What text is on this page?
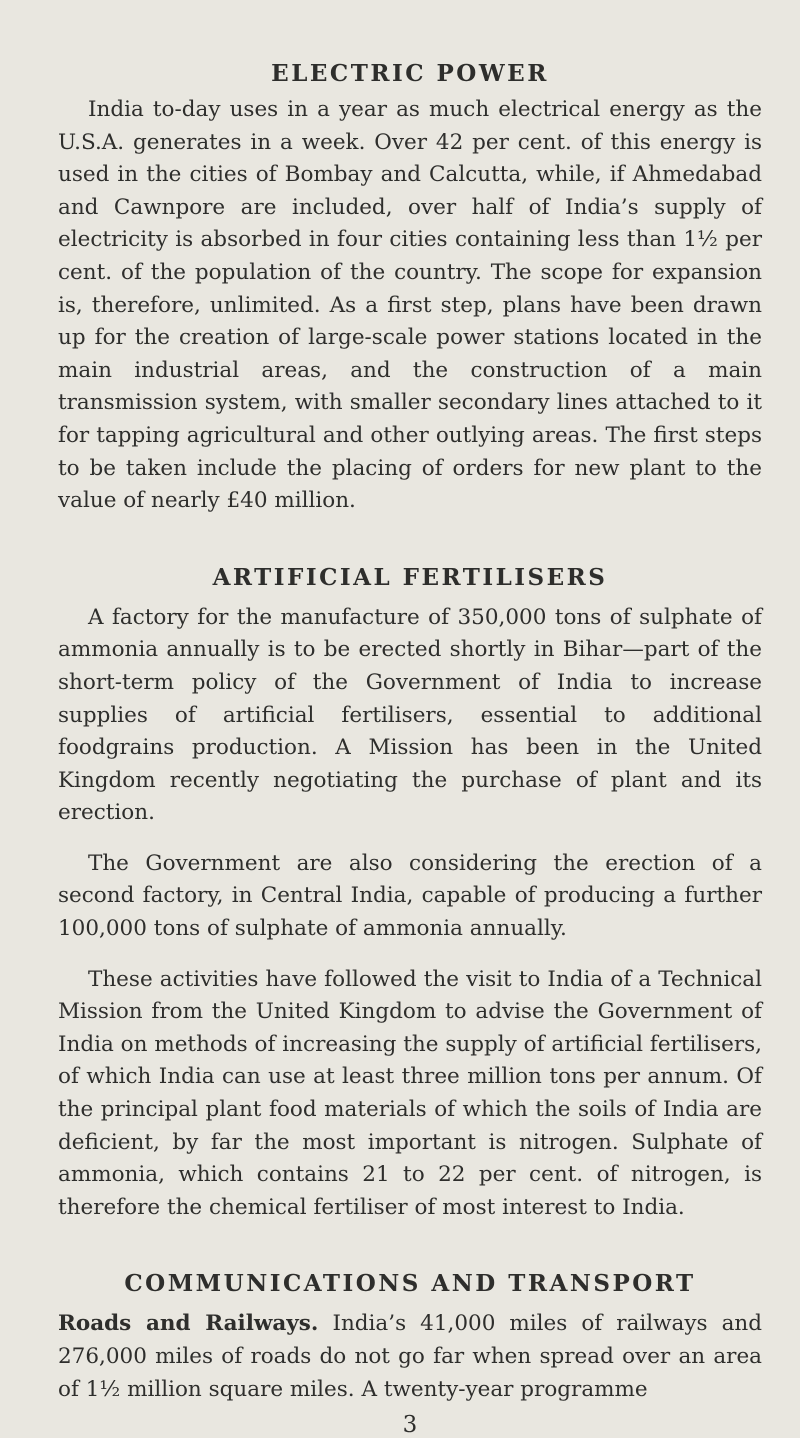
ELECTRIC POWER

India to-day uses in a year as much electrical energy as the U.S.A. generates in a week. Over 42 per cent. of this energy is used in the cities of Bombay and Calcutta, while, if Ahmedabad and Cawnpore are included, over half of India’s supply of electricity is absorbed in four cities containing less than 1½ per cent. of the population of the country. The scope for expansion is, therefore, unlimited. As a first step, plans have been drawn up for the creation of large-scale power stations located in the main industrial areas, and the construction of a main transmission system, with smaller secondary lines attached to it for tapping agricultural and other outlying areas. The first steps to be taken include the placing of orders for new plant to the value of nearly £40 million.

ARTIFICIAL FERTILISERS

A factory for the manufacture of 350,000 tons of sulphate of ammonia annually is to be erected shortly in Bihar—part of the short-term policy of the Government of India to increase supplies of artificial fertilisers, essential to additional foodgrains production. A Mission has been in the United Kingdom recently negotiating the purchase of plant and its erection.

The Government are also considering the erection of a second factory, in Central India, capable of producing a further 100,000 tons of sulphate of ammonia annually.

These activities have followed the visit to India of a Technical Mission from the United Kingdom to advise the Government of India on methods of increasing the supply of artificial fertilisers, of which India can use at least three million tons per annum. Of the principal plant food materials of which the soils of India are deficient, by far the most important is nitrogen. Sulphate of ammonia, which contains 21 to 22 per cent. of nitrogen, is therefore the chemical fertiliser of most interest to India.

COMMUNICATIONS AND TRANSPORT

Roads and Railways. India’s 41,000 miles of railways and 276,000 miles of roads do not go far when spread over an area of 1½ million square miles. A twenty-year programme

3
